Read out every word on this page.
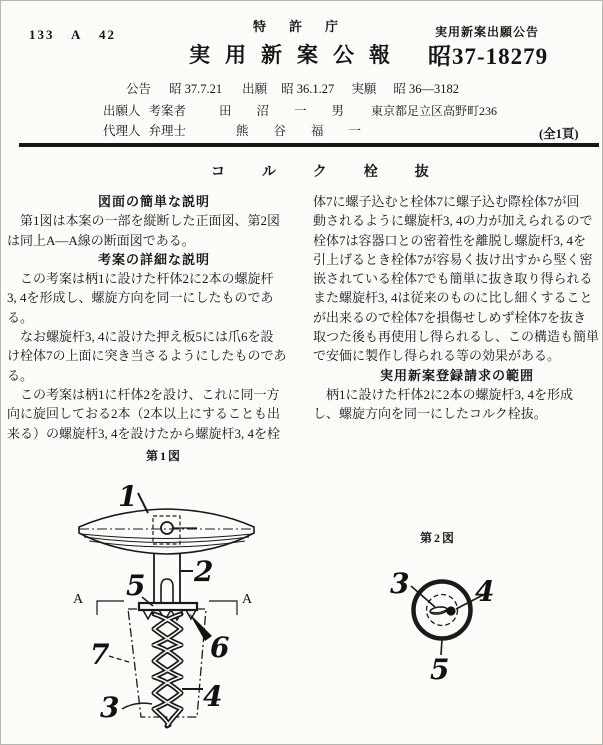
133 A 42
特許庁
実用新案公報
実用新案出願公告
昭37-18279
公告 昭 37.7.21 出願 昭 36.1.27 実願 昭 36—3182
出願人 考案者	田沼一男 東京都足立区高野町236
代理人 弁理士	熊谷福一	(全1頁)
コルク栓抜
図面の簡単な説明
第1図は本案の一部を縦断した正面図、第2図
は同上A—A線の断面図である。
考案の詳細な説明
この考案は柄1に設けた杆体2に2本の螺旋杆
3, 4を形成し、螺旋方向を同一にしたものであ
る。
なお螺旋杆3, 4に設けた押え板5には爪6を設
け栓体7の上面に突き当さるようにしたものであ
る。
この考案は柄1に杆体2を設け、これに同一方
向に旋回しておる2本（2本以上にすることも出
来る）の螺旋杆3, 4を設けたから螺旋杆3, 4を栓
体7に螺子込むと栓体7に螺子込む際栓体7が回
動されるように螺旋杆3, 4の力が加えられるので
栓体7は容器口との密着性を離脱し螺旋杆3, 4を
引上げるとき栓体7が容易く抜け出すから堅く密
嵌されている栓体7でも簡単に抜き取り得られる
また螺旋杆3, 4は従来のものに比し細くすること
が出来るので栓体7を損傷せしめず栓体7を抜き
取つた後も再使用し得られるし、この構造も簡単
で安価に製作し得られる等の効果がある。
実用新案登録請求の範囲
柄1に設けた杆体2に2本の螺旋杆3, 4を形成
し、螺旋方向を同一にしたコルク栓抜。
第1図
1
2
5
A	A
6
7
4
3
第2図
3 4
5
